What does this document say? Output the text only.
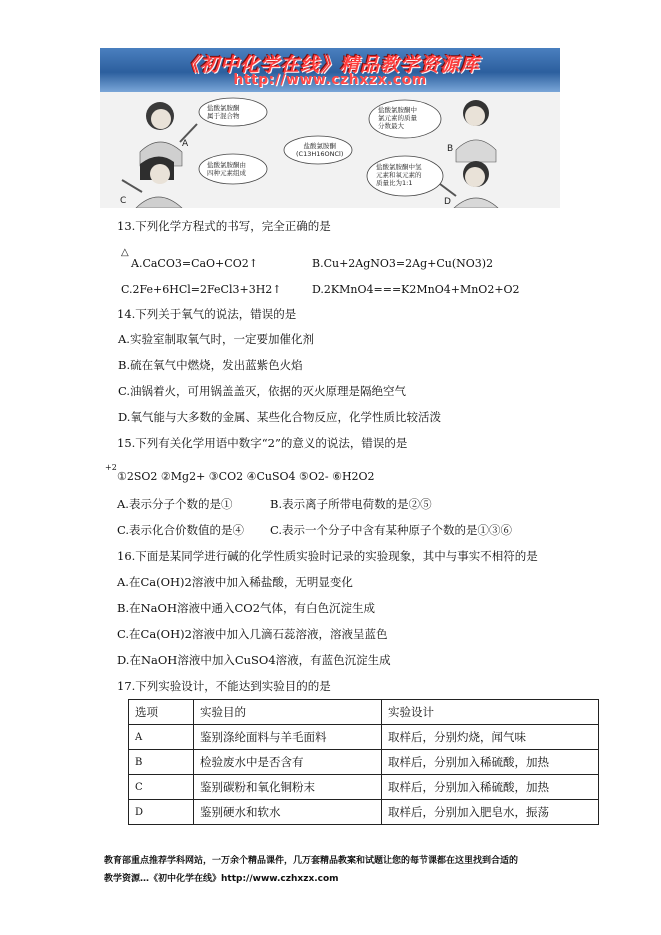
《初中化学在线》精品教学资源库
http://www.czhxzx.com
盐酸氯胺酮
属于混合物
盐酸氯胺酮
(C13H16ONCl)
盐酸氯胺酮中
氯元素的质量
分数最大
盐酸氯胺酮由
四种元素组成
盐酸氯胺酮中氢
元素和氧元素的
质量比为1:1
A	B
C	D
13.下列化学方程式的书写，完全正确的是
△
A.CaCO3=CaO+CO2↑	B.Cu+2AgNO3=2Ag+Cu(NO3)2
C.2Fe+6HCl=2FeCl3+3H2↑	D.2KMnO4===K2MnO4+MnO2+O2
14.下列关于氧气的说法，错误的是
A.实验室制取氧气时，一定要加催化剂
B.硫在氧气中燃烧，发出蓝紫色火焰
C.油锅着火，可用锅盖盖灭，依据的灭火原理是隔绝空气
D.氧气能与大多数的金属、某些化合物反应，化学性质比较活泼
15.下列有关化学用语中数字“2”的意义的说法，错误的是
+2
①2SO2 ②Mg2+ ③CO2 ④CuSO4 ⑤O2- ⑥H2O2
A.表示分子个数的是①	B.表示离子所带电荷数的是②⑤
C.表示化合价数值的是④ C.表示一个分子中含有某种原子个数的是①③⑥
16.下面是某同学进行碱的化学性质实验时记录的实验现象，其中与事实不相符的是
A.在Ca(OH)2溶液中加入稀盐酸，无明显变化
B.在NaOH溶液中通入CO2气体，有白色沉淀生成
C.在Ca(OH)2溶液中加入几滴石蕊溶液，溶液呈蓝色
D.在NaOH溶液中加入CuSO4溶液，有蓝色沉淀生成
17.下列实验设计，不能达到实验目的的是
选项	实验目的	实验设计
A	鉴别涤纶面料与羊毛面料	取样后，分别灼烧，闻气味
B	检验废水中是否含有	取样后，分别加入稀硫酸，加热
C	鉴别碳粉和氧化铜粉末	取样后，分别加入稀硫酸，加热
D	鉴别硬水和软水	取样后，分别加入肥皂水，振荡
教育部重点推荐学科网站，一万余个精品课件，几万套精品教案和试题让您的每节课都在这里找到合适的
教学资源…《初中化学在线》http://www.czhxzx.com
